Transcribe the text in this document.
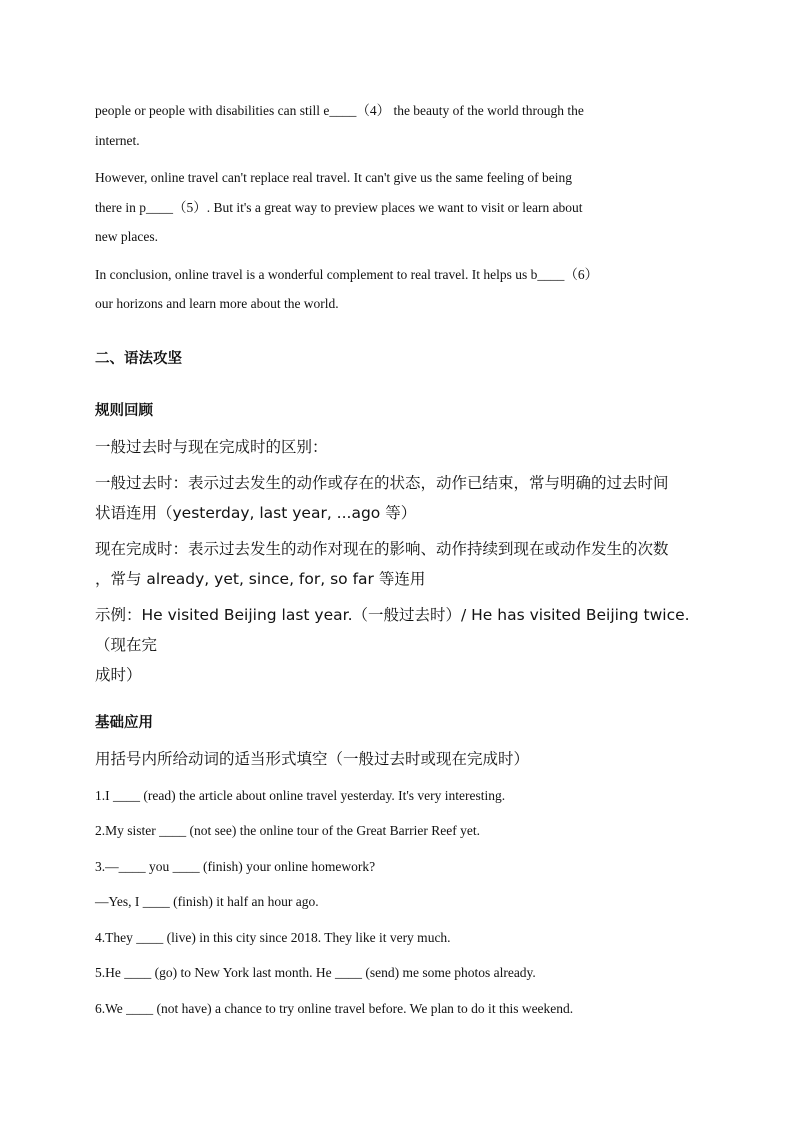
people or people with disabilities can still e____（4） the beauty of the world through the

internet.

However, online travel can't replace real travel. It can't give us the same feeling of being

there in p____（5）. But it's a great way to preview places we want to visit or learn about

new places.

In conclusion, online travel is a wonderful complement to real travel. It helps us b____（6）

our horizons and learn more about the world.

二、语法攻坚

规则回顾

一般过去时与现在完成时的区别：

一般过去时：表示过去发生的动作或存在的状态，动作已结束，常与明确的过去时间

状语连用（yesterday, last year, ...ago 等）

现在完成时：表示过去发生的动作对现在的影响、动作持续到现在或动作发生的次数

，常与 already, yet, since, for, so far 等连用

示例：He visited Beijing last year.（一般过去时）/ He has visited Beijing twice.（现在完

成时）

基础应用

用括号内所给动词的适当形式填空（一般过去时或现在完成时）

1.I ____ (read) the article about online travel yesterday. It's very interesting.

2.My sister ____ (not see) the online tour of the Great Barrier Reef yet.

3.—____ you ____ (finish) your online homework?

—Yes, I ____ (finish) it half an hour ago.

4.They ____ (live) in this city since 2018. They like it very much.

5.He ____ (go) to New York last month. He ____ (send) me some photos already.

6.We ____ (not have) a chance to try online travel before. We plan to do it this weekend.
